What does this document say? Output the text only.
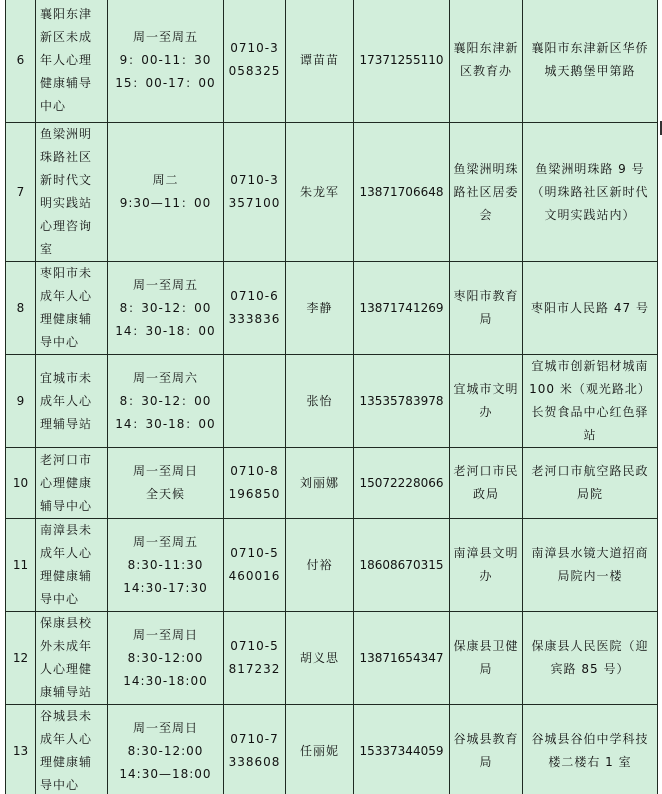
6	襄阳东津新区未成年人心理健康辅导中心	周一至周五
9：00-11：30
15：00-17：00	0710-3058325	谭苗苗	17371255110	襄阳东津新区教育办	襄阳市东津新区华侨城天鹅堡甲第路
7	鱼梁洲明珠路社区新时代文明实践站心理咨询室	周二
9:30—11：00	0710-3357100	朱龙军	13871706648	鱼梁洲明珠路社区居委会	鱼梁洲明珠路 9 号（明珠路社区新时代文明实践站内）
8	枣阳市未成年人心理健康辅导中心	周一至周五
8：30-12：00
14：30-18：00	0710-6333836	李静	13871741269	枣阳市教育局	枣阳市人民路 47 号
9	宜城市未成年人心理辅导站	周一至周六
8：30-12：00
14：30-18：00		张怡	13535783978	宜城市文明办	宜城市创新铝材城南 100 米（观光路北）长贺食品中心红色驿站
10	老河口市心理健康辅导中心	周一至周日
全天候	0710-8196850	刘丽娜	15072228066	老河口市民政局	老河口市航空路民政局院
11	南漳县未成年人心理健康辅导中心	周一至周五
8:30-11:30
14:30-17:30	0710-5460016	付裕	18608670315	南漳县文明办	南漳县水镜大道招商局院内一楼
12	保康县校外未成年人心理健康辅导站	周一至周日
8:30-12:00
14:30-18:00	0710-5817232	胡义思	13871654347	保康县卫健局	保康县人民医院（迎宾路 85 号）
13	谷城县未成年人心理健康辅导中心	周一至周日
8:30-12:00
14:30—18:00	0710-7338608	任丽妮	15337344059	谷城县教育局	谷城县谷伯中学科技楼二楼右 1 室
